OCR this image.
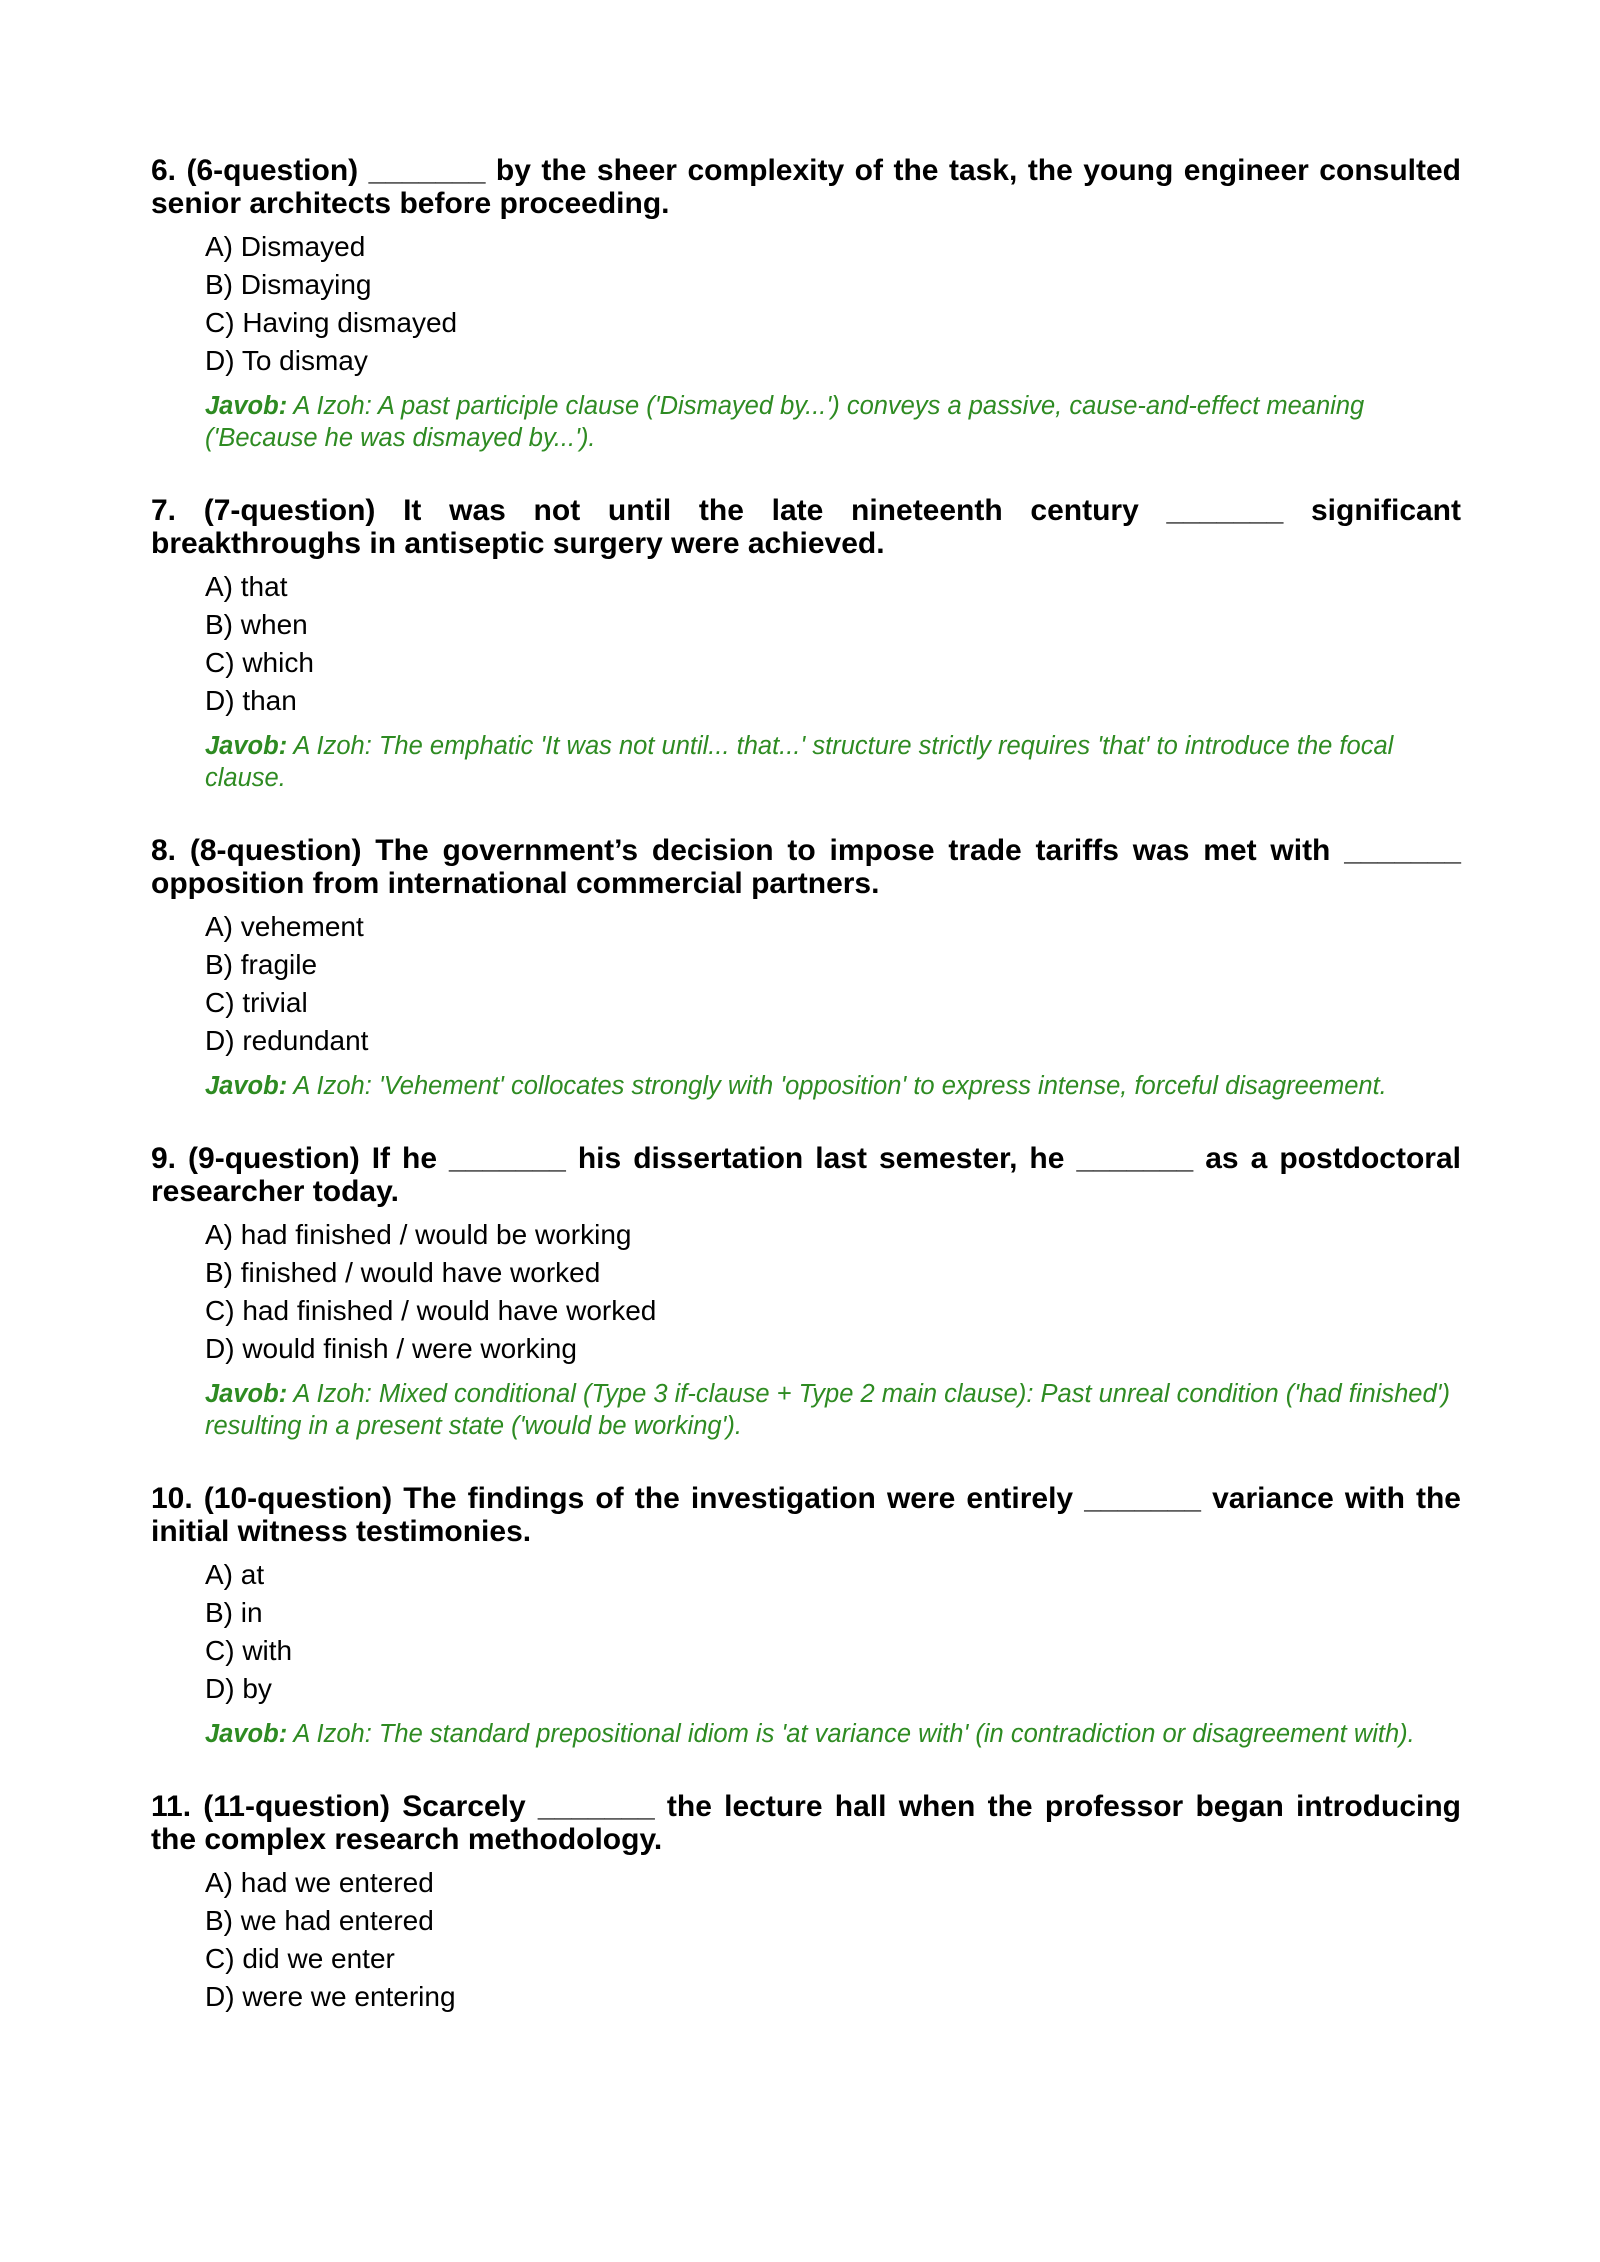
6. (6-question) _______ by the sheer complexity of the task, the young engineer consulted senior architects before proceeding.

A) Dismayed
B) Dismaying
C) Having dismayed
D) To dismay

Javob: A Izoh: A past participle clause ('Dismayed by...') conveys a passive, cause-and-effect meaning ('Because he was dismayed by...').

7. (7-question) It was not until the late nineteenth century _______ significant breakthroughs in antiseptic surgery were achieved.

A) that
B) when
C) which
D) than

Javob: A Izoh: The emphatic 'It was not until... that...' structure strictly requires 'that' to introduce the focal clause.

8. (8-question) The government’s decision to impose trade tariffs was met with _______ opposition from international commercial partners.

A) vehement
B) fragile
C) trivial
D) redundant

Javob: A Izoh: 'Vehement' collocates strongly with 'opposition' to express intense, forceful disagreement.

9. (9-question) If he _______ his dissertation last semester, he _______ as a postdoctoral researcher today.

A) had finished / would be working
B) finished / would have worked
C) had finished / would have worked
D) would finish / were working

Javob: A Izoh: Mixed conditional (Type 3 if-clause + Type 2 main clause): Past unreal condition ('had finished') resulting in a present state ('would be working').

10. (10-question) The findings of the investigation were entirely _______ variance with the initial witness testimonies.

A) at
B) in
C) with
D) by

Javob: A Izoh: The standard prepositional idiom is 'at variance with' (in contradiction or disagreement with).

11. (11-question) Scarcely _______ the lecture hall when the professor began introducing the complex research methodology.

A) had we entered
B) we had entered
C) did we enter
D) were we entering
